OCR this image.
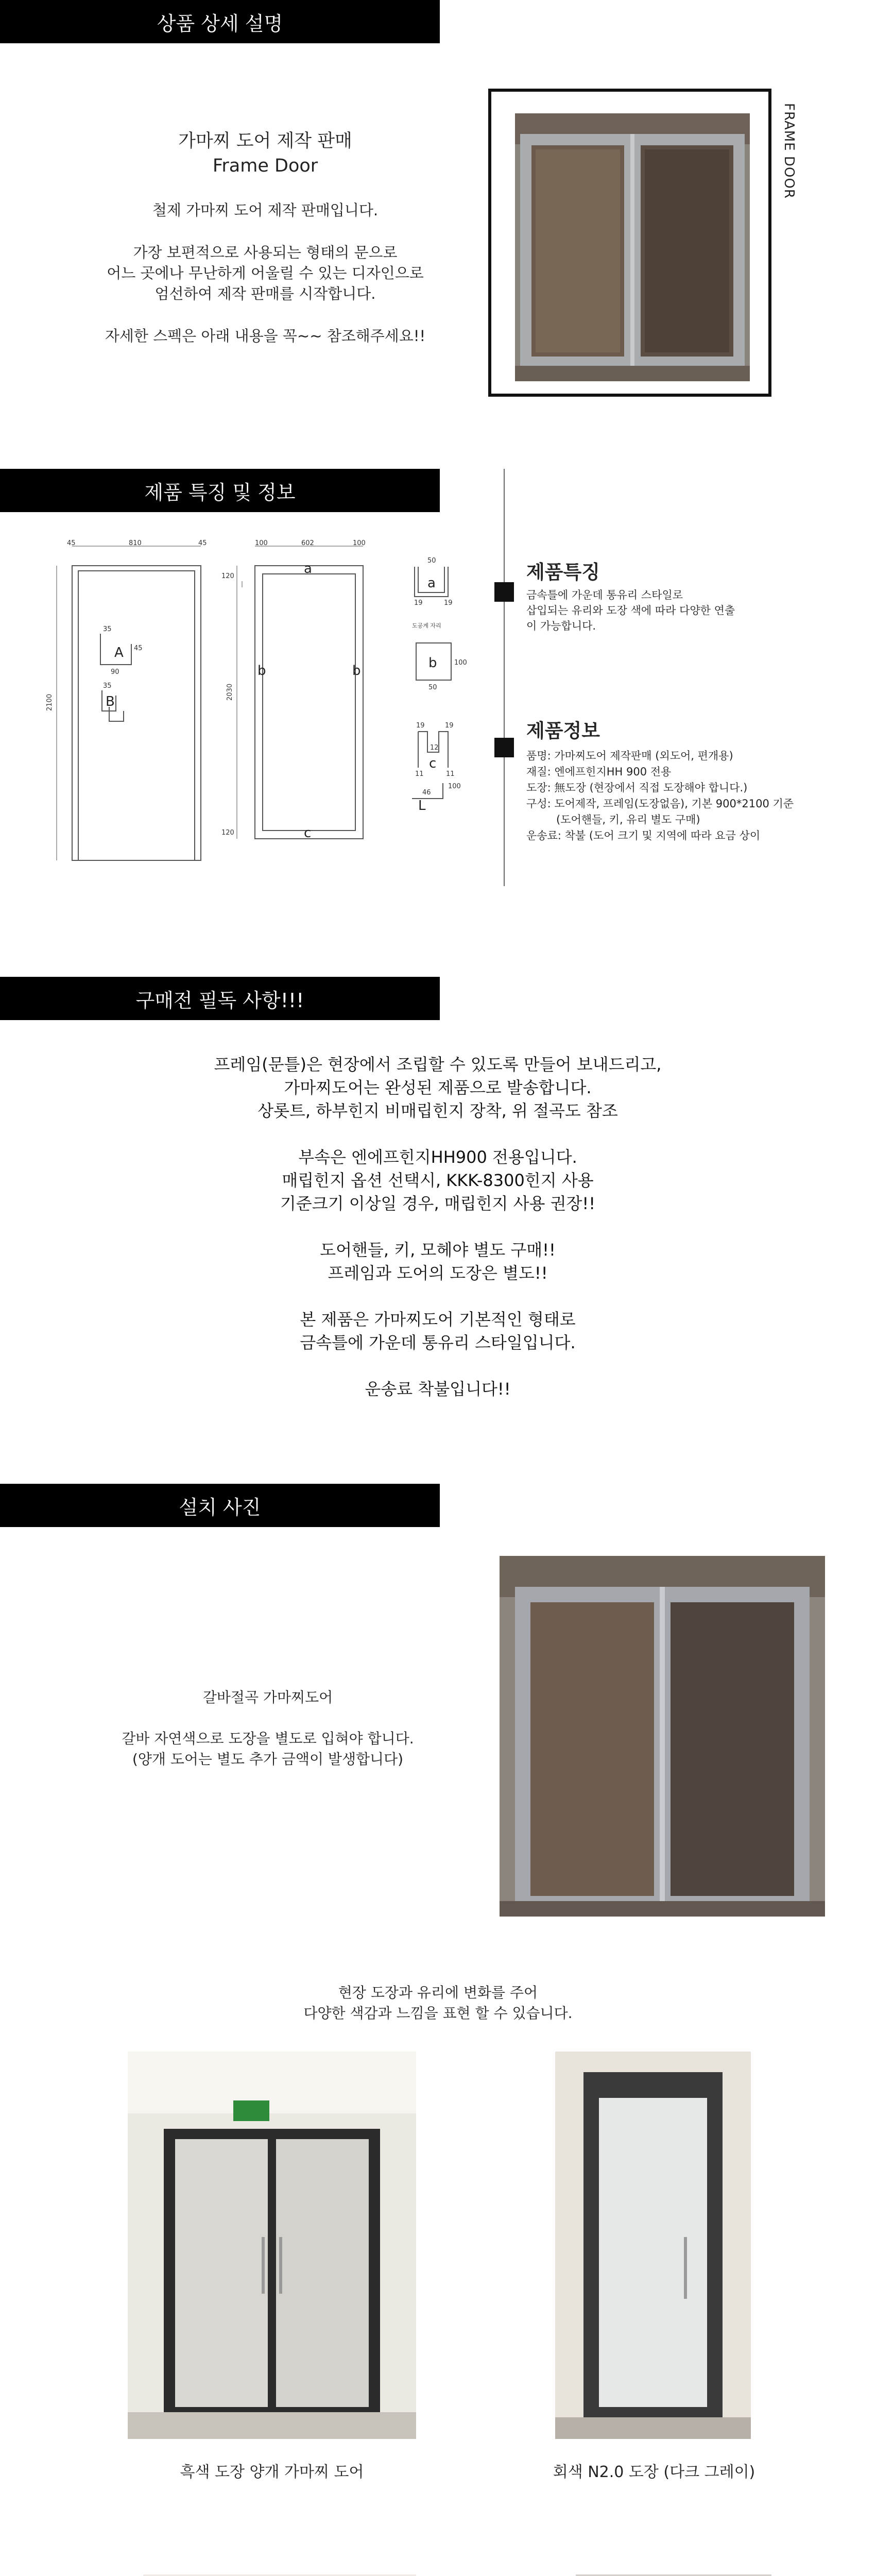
상품 상세 설명
가마찌 도어 제작 판매
Frame Door
철제 가마찌 도어 제작 판매입니다.
가장 보편적으로 사용되는 형태의 문으로
어느 곳에나 무난하게 어울릴 수 있는 디자인으로
엄선하여 제작 판매를 시작합니다.
자세한 스펙은 아래 내용을 꼭~~ 참조해주세요!!
FRAME DOOR
제품 특징 및 정보
45	810	45	100	602	100
120
2100
2030
120
35
45
90
35
50
19	19
도공계 자리
100
50
19	19
12
11	11
46
100
A
B
a
b	b
c
a
b
c
L
제품특징
금속틀에 가운데 통유리 스타일로
삽입되는 유리와 도장 색에 따라 다양한 연출
이 가능합니다.
제품정보
품명: 가마찌도어 제작판매 (외도어, 편개용)
재질: 엔에프힌지HH 900 전용
도장: 無도장 (현장에서 직접 도장해야 합니다.)
구성: 도어제작, 프레임(도장없음), 기본 900*2100 기준
(도어핸들, 키, 유리 별도 구매)
운송료: 착불 (도어 크기 및 지역에 따라 요금 상이
구매전 필독 사항!!!
프레임(문틀)은 현장에서 조립할 수 있도록 만들어 보내드리고,
가마찌도어는 완성된 제품으로 발송합니다.
상롯트, 하부힌지 비매립힌지 장착, 위 절곡도 참조
부속은 엔에프힌지HH900 전용입니다.
매립힌지 옵션 선택시, KKK-8300힌지 사용
기준크기 이상일 경우, 매립힌지 사용 권장!!
도어핸들, 키, 모헤야 별도 구매!!
프레임과 도어의 도장은 별도!!
본 제품은 가마찌도어 기본적인 형태로
금속틀에 가운데 통유리 스타일입니다.
운송료 착불입니다!!
설치 사진
갈바절곡 가마찌도어
갈바 자연색으로 도장을 별도로 입혀야 합니다.
(양개 도어는 별도 추가 금액이 발생합니다)
현장 도장과 유리에 변화를 주어
다양한 색감과 느낌을 표현 할 수 있습니다.
흑색 도장 양개 가마찌 도어	회색 N2.0 도장 (다크 그레이)
